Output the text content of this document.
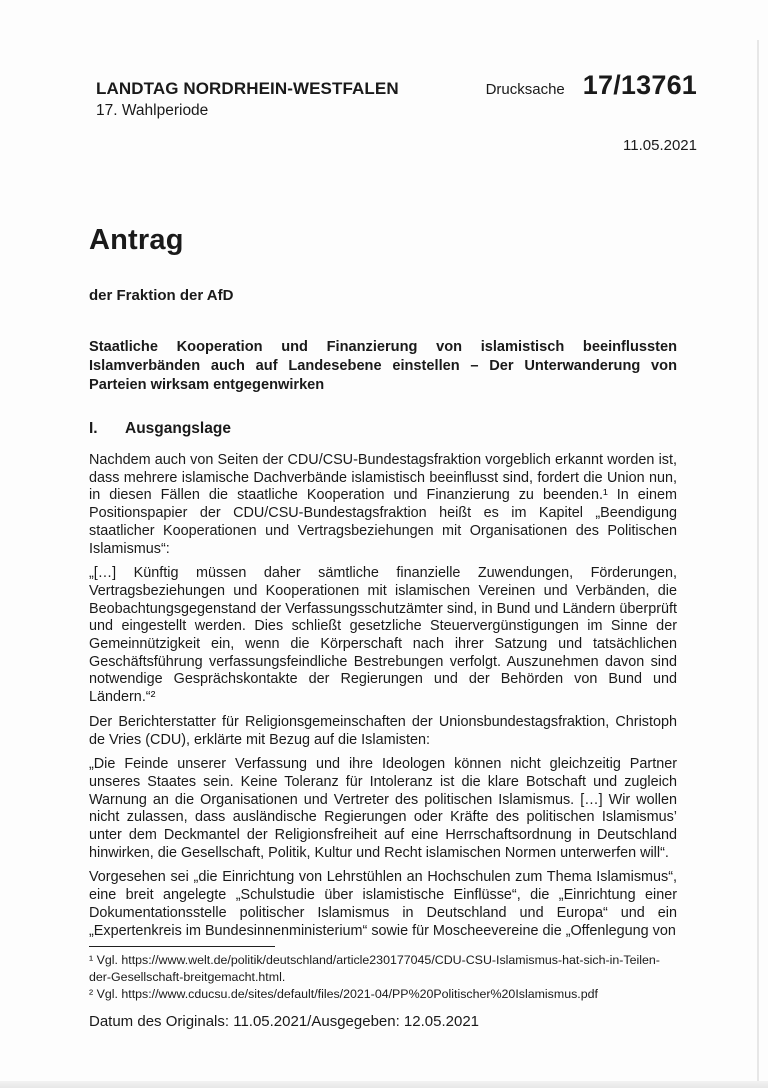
LANDTAG NORDRHEIN-WESTFALEN
17. Wahlperiode
Drucksache 17/13761
11.05.2021
Antrag
der Fraktion der AfD
Staatliche Kooperation und Finanzierung von islamistisch beeinflussten Islamverbänden auch auf Landesebene einstellen – Der Unterwanderung von Parteien wirksam entgegenwirken
I.	Ausgangslage

Nachdem auch von Seiten der CDU/CSU-Bundestagsfraktion vorgeblich erkannt worden ist, dass mehrere islamische Dachverbände islamistisch beeinflusst sind, fordert die Union nun, in diesen Fällen die staatliche Kooperation und Finanzierung zu beenden.¹ In einem Positionspapier der CDU/CSU-Bundestagsfraktion heißt es im Kapitel „Beendigung staatlicher Kooperationen und Vertragsbeziehungen mit Organisationen des Politischen Islamismus“:

„[…] Künftig müssen daher sämtliche finanzielle Zuwendungen, Förderungen, Vertragsbeziehungen und Kooperationen mit islamischen Vereinen und Verbänden, die Beobachtungsgegenstand der Verfassungsschutzämter sind, in Bund und Ländern überprüft und eingestellt werden. Dies schließt gesetzliche Steuervergünstigungen im Sinne der Gemeinnützigkeit ein, wenn die Körperschaft nach ihrer Satzung und tatsächlichen Geschäftsführung verfassungsfeindliche Bestrebungen verfolgt. Auszunehmen davon sind notwendige Gesprächskontakte der Regierungen und der Behörden von Bund und Ländern.“²

Der Berichterstatter für Religionsgemeinschaften der Unionsbundestagsfraktion, Christoph de Vries (CDU), erklärte mit Bezug auf die Islamisten:

„Die Feinde unserer Verfassung und ihre Ideologen können nicht gleichzeitig Partner unseres Staates sein. Keine Toleranz für Intoleranz ist die klare Botschaft und zugleich Warnung an die Organisationen und Vertreter des politischen Islamismus. […] Wir wollen nicht zulassen, dass ausländische Regierungen oder Kräfte des politischen Islamismus’ unter dem Deckmantel der Religionsfreiheit auf eine Herrschaftsordnung in Deutschland hinwirken, die Gesellschaft, Politik, Kultur und Recht islamischen Normen unterwerfen will“.

Vorgesehen sei „die Einrichtung von Lehrstühlen an Hochschulen zum Thema Islamismus“, eine breit angelegte „Schulstudie über islamistische Einflüsse“, die „Einrichtung einer Dokumentationsstelle politischer Islamismus in Deutschland und Europa“ und ein „Expertenkreis im Bundesinnenministerium“ sowie für Moscheevereine die „Offenlegung von

¹ Vgl. https://www.welt.de/politik/deutschland/article230177045/CDU-CSU-Islamismus-hat-sich-in-Teilen-der-Gesellschaft-breitgemacht.html.
² Vgl. https://www.cducsu.de/sites/default/files/2021-04/PP%20Politischer%20Islamismus.pdf
Datum des Originals: 11.05.2021/Ausgegeben: 12.05.2021
